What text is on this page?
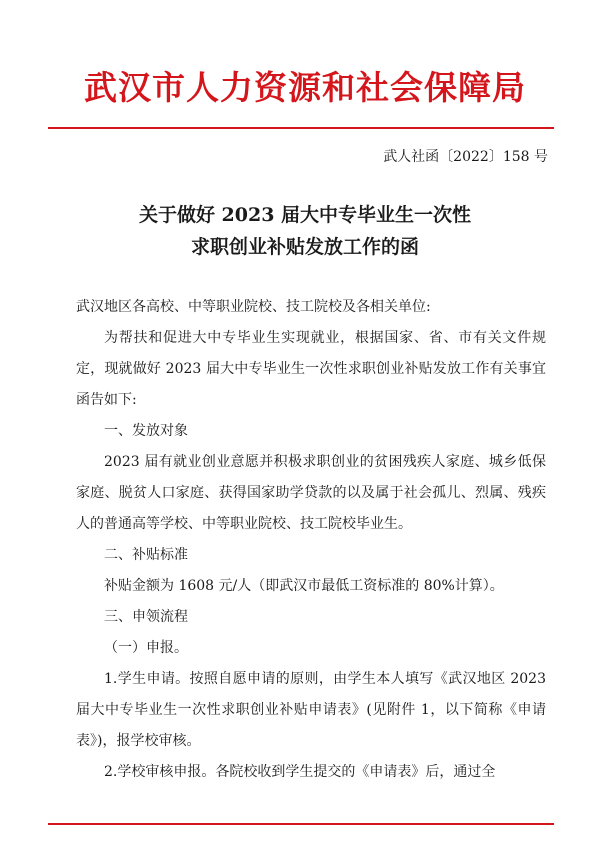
武汉市人力资源和社会保障局
武人社函〔2022〕158 号
关于做好 2023 届大中专毕业生一次性
求职创业补贴发放工作的函

武汉地区各高校、中等职业院校、技工院校及各相关单位:

为帮扶和促进大中专毕业生实现就业，根据国家、省、市有关文件规定，现就做好 2023 届大中专毕业生一次性求职创业补贴发放工作有关事宜函告如下:

一、发放对象

2023 届有就业创业意愿并积极求职创业的贫困残疾人家庭、城乡低保家庭、脱贫人口家庭、获得国家助学贷款的以及属于社会孤儿、烈属、残疾人的普通高等学校、中等职业院校、技工院校毕业生。

二、补贴标准

补贴金额为 1608 元/人（即武汉市最低工资标准的 80%计算）。

三、申领流程

（一）申报。

1.学生申请。按照自愿申请的原则，由学生本人填写《武汉地区 2023 届大中专毕业生一次性求职创业补贴申请表》(见附件 1，以下简称《申请表》)，报学校审核。

2.学校审核申报。各院校收到学生提交的《申请表》后，通过全
